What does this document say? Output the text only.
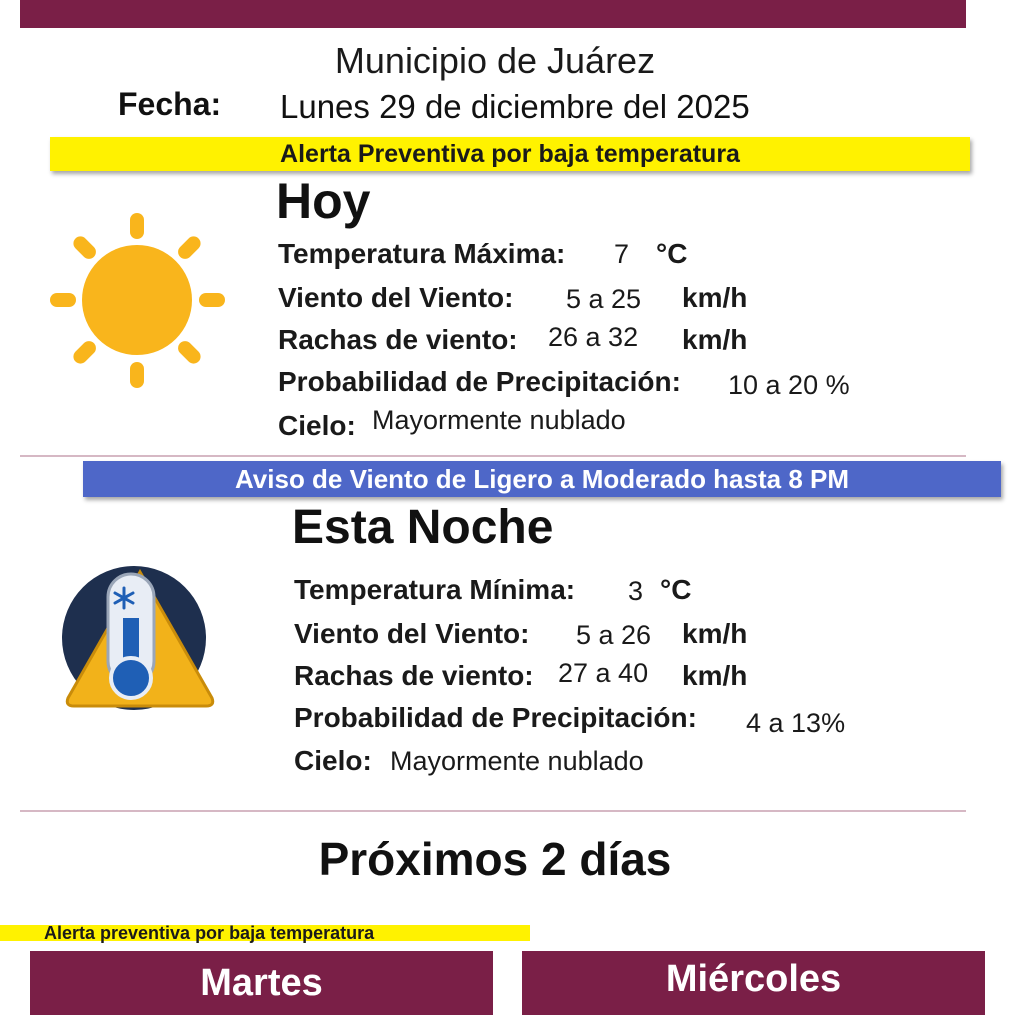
Municipio de Juárez
Fecha: Lunes 29 de diciembre del 2025
Alerta Preventiva por baja temperatura
Hoy
Temperatura Máxima: 7 °C
Viento del Viento: 5 a 25 km/h
Rachas de viento: 26 a 32 km/h
Probabilidad de Precipitación: 10 a 20 %
Cielo: Mayormente nublado
Aviso de Viento de Ligero a Moderado hasta 8 PM
Esta Noche
Temperatura Mínima: 3 °C
Viento del Viento: 5 a 26 km/h
Rachas de viento: 27 a 40 km/h
Probabilidad de Precipitación: 4 a 13%
Cielo: Mayormente nublado
Próximos 2 días
Alerta preventiva por baja temperatura
Martes	Miércoles
